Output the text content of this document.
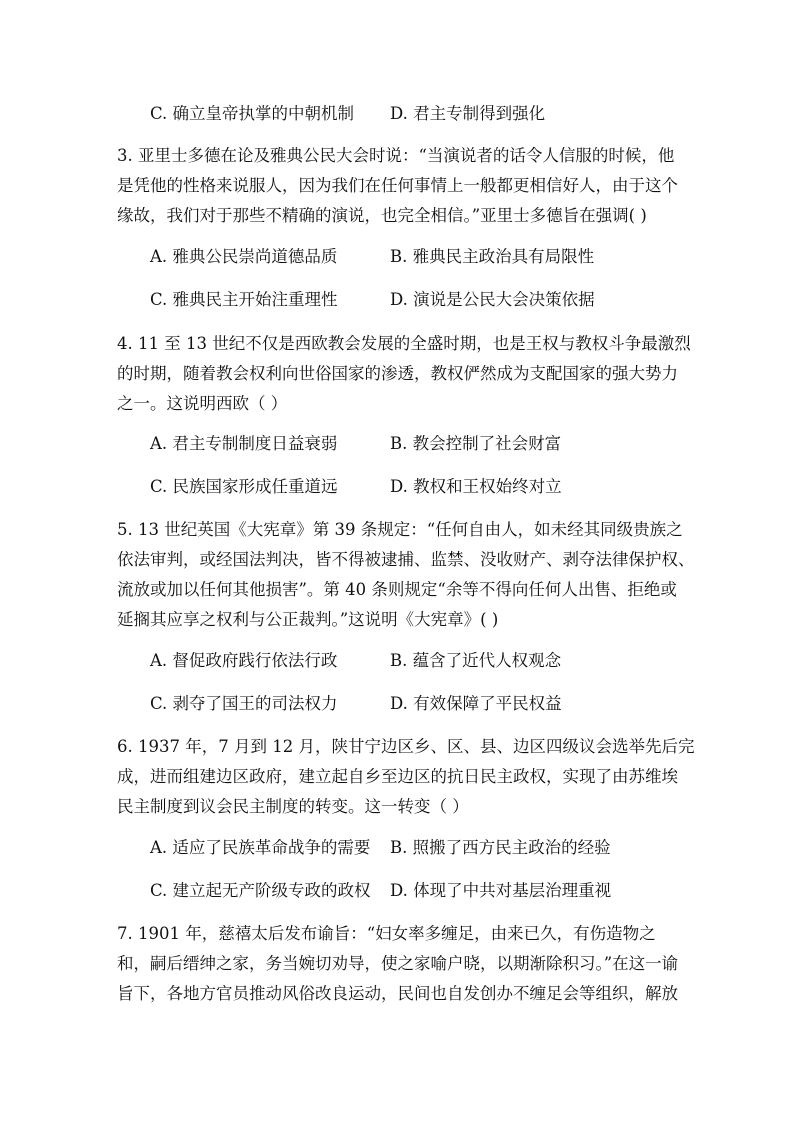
C. 确立皇帝执掌的中朝机制 D. 君主专制得到强化
3. 亚里士多德在论及雅典公民大会时说：“当演说者的话令人信服的时候，他
是凭他的性格来说服人，因为我们在任何事情上一般都更相信好人，由于这个
缘故，我们对于那些不精确的演说，也完全相信。”亚里士多德旨在强调( )
A. 雅典公民崇尚道德品质	B. 雅典民主政治具有局限性
C. 雅典民主开始注重理性	D. 演说是公民大会决策依据
4. 11 至 13 世纪不仅是西欧教会发展的全盛时期，也是王权与教权斗争最激烈
的时期，随着教会权利向世俗国家的渗透，教权俨然成为支配国家的强大势力
之一。这说明西欧（ ）
A. 君主专制制度日益衰弱	B. 教会控制了社会财富
C. 民族国家形成任重道远	D. 教权和王权始终对立
5. 13 世纪英国《大宪章》第 39 条规定：“任何自由人，如未经其同级贵族之
依法审判，或经国法判决，皆不得被逮捕、监禁、没收财产、剥夺法律保护权、
流放或加以任何其他损害”。第 40 条则规定“余等不得向任何人出售、拒绝或
延搁其应享之权利与公正裁判。”这说明《大宪章》( )
A. 督促政府践行依法行政	B. 蕴含了近代人权观念
C. 剥夺了国王的司法权力	D. 有效保障了平民权益
6. 1937 年，7 月到 12 月，陕甘宁边区乡、区、县、边区四级议会选举先后完
成，进而组建边区政府，建立起自乡至边区的抗日民主政权，实现了由苏维埃
民主制度到议会民主制度的转变。这一转变（ ）
A. 适应了民族革命战争的需要 B. 照搬了西方民主政治的经验
C. 建立起无产阶级专政的政权 D. 体现了中共对基层治理重视
7. 1901 年，慈禧太后发布谕旨：“妇女率多缠足，由来已久，有伤造物之
和，嗣后缙绅之家，务当婉切劝导，使之家喻户晓，以期渐除积习。”在这一谕
旨下，各地方官员推动风俗改良运动，民间也自发创办不缠足会等组织，解放
